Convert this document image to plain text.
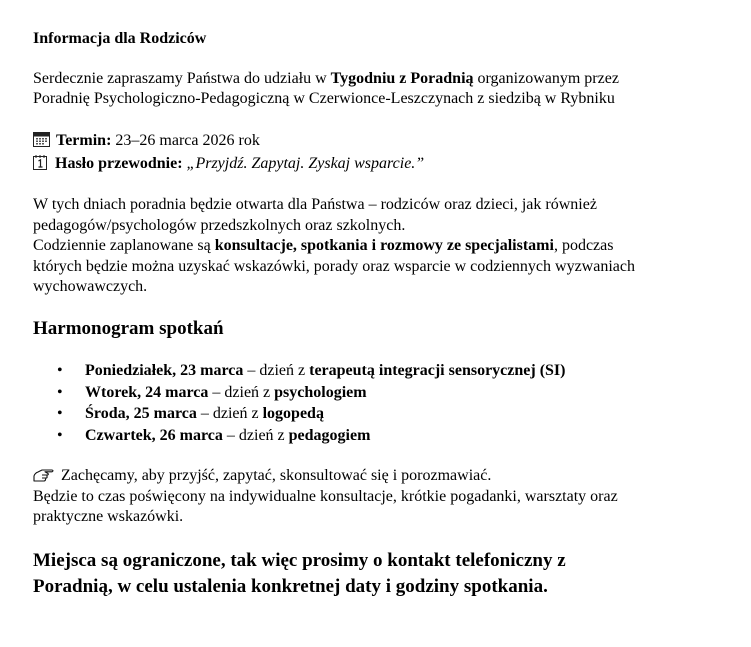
Informacja dla Rodziców
Serdecznie zapraszamy Państwa do udziału w Tygodniu z Poradnią organizowanym przez
Poradnię Psychologiczno-Pedagogiczną w Czerwionce-Leszczynach z siedzibą w Rybniku
Termin: 23–26 marca 2026 rok
Hasło przewodnie: „Przyjdź. Zapytaj. Zyskaj wsparcie.”
W tych dniach poradnia będzie otwarta dla Państwa – rodziców oraz dzieci, jak również
pedagogów/psychologów przedszkolnych oraz szkolnych.
Codziennie zaplanowane są konsultacje, spotkania i rozmowy ze specjalistami, podczas
których będzie można uzyskać wskazówki, porady oraz wsparcie w codziennych wyzwaniach
wychowawczych.
Harmonogram spotkań
• Poniedziałek, 23 marca – dzień z terapeutą integracji sensorycznej (SI)
• Wtorek, 24 marca – dzień z psychologiem
• Środa, 25 marca – dzień z logopedą
• Czwartek, 26 marca – dzień z pedagogiem
Zachęcamy, aby przyjść, zapytać, skonsultować się i porozmawiać.
Będzie to czas poświęcony na indywidualne konsultacje, krótkie pogadanki, warsztaty oraz
praktyczne wskazówki.
Miejsca są ograniczone, tak więc prosimy o kontakt telefoniczny z
Poradnią, w celu ustalenia konkretnej daty i godziny spotkania.
